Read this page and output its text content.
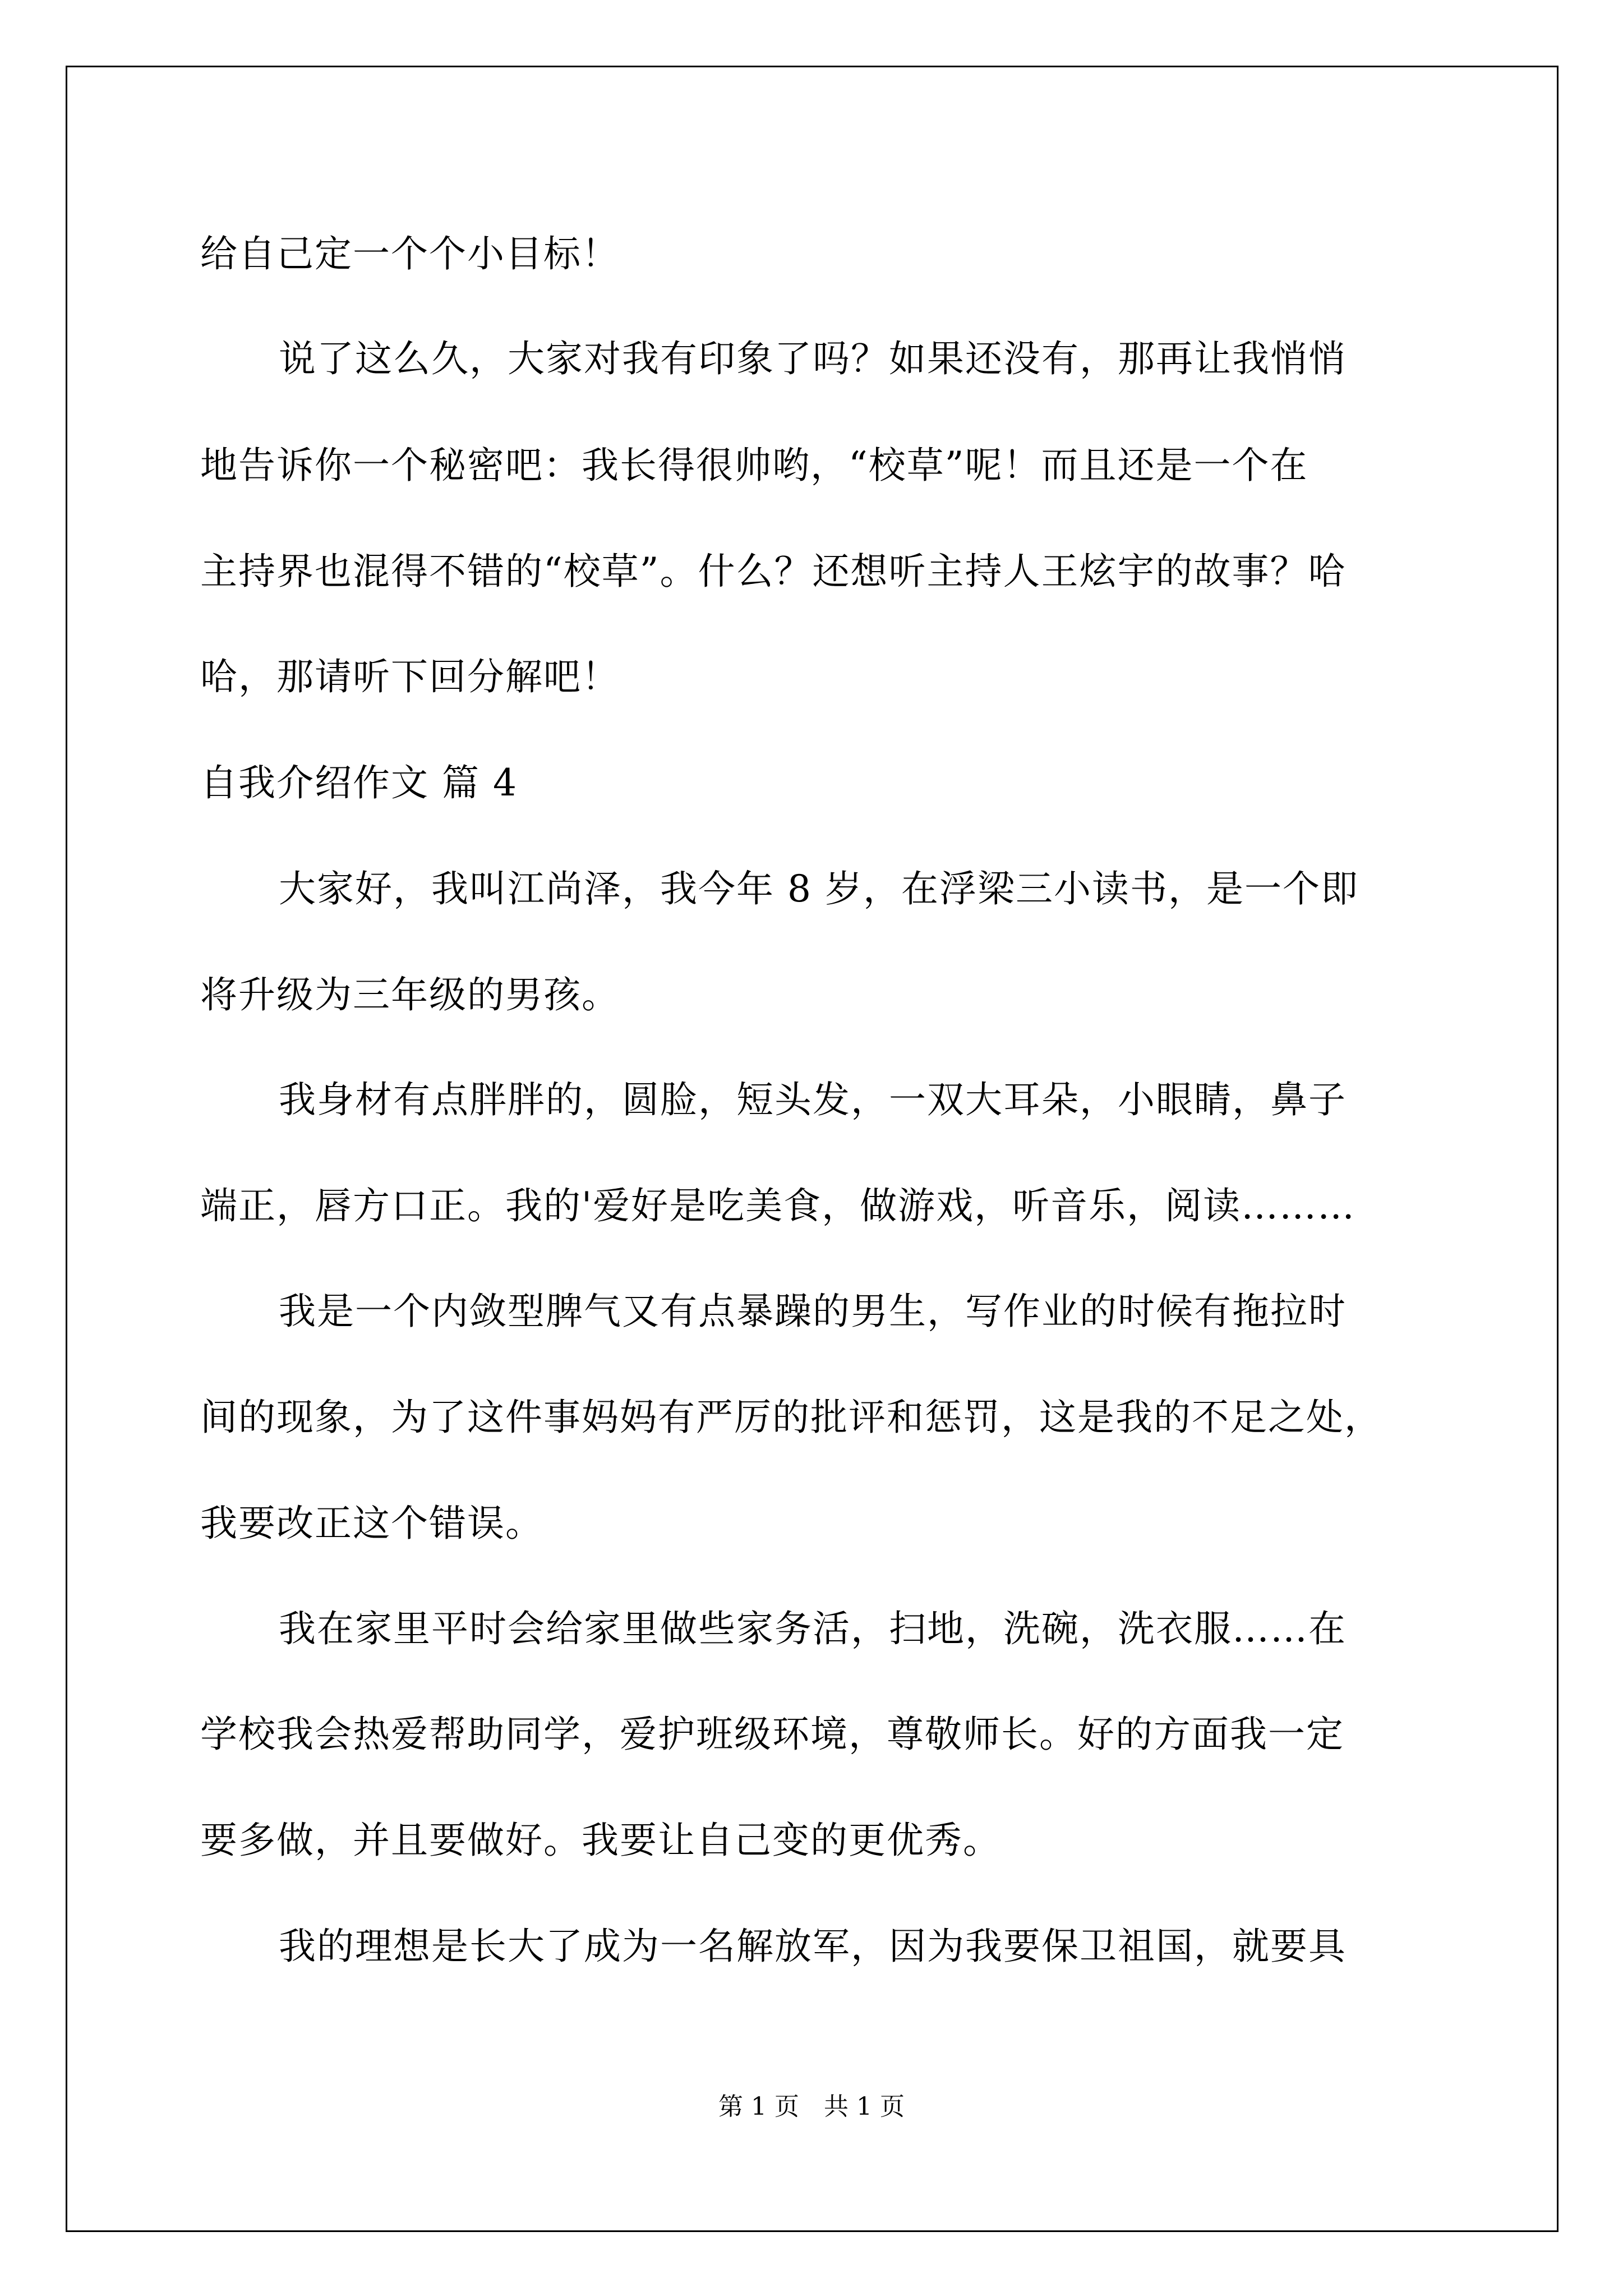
给自己定一个个小目标！
说了这么久，大家对我有印象了吗？如果还没有，那再让我悄悄
地告诉你一个秘密吧：我长得很帅哟，“校草”呢！而且还是一个在
主持界也混得不错的“校草”。什么？还想听主持人王炫宇的故事？哈
哈，那请听下回分解吧！
自我介绍作文 篇 4
大家好，我叫江尚泽，我今年 8 岁，在浮梁三小读书，是一个即
将升级为三年级的男孩。
我身材有点胖胖的，圆脸，短头发，一双大耳朵，小眼睛，鼻子
端正，唇方口正。我的'爱好是吃美食，做游戏，听音乐，阅读………
我是一个内敛型脾气又有点暴躁的男生，写作业的时候有拖拉时
间的现象，为了这件事妈妈有严厉的批评和惩罚，这是我的不足之处，
我要改正这个错误。
我在家里平时会给家里做些家务活，扫地，洗碗，洗衣服……在
学校我会热爱帮助同学，爱护班级环境，尊敬师长。好的方面我一定
要多做，并且要做好。我要让自己变的更优秀。
我的理想是长大了成为一名解放军，因为我要保卫祖国，就要具
第 1 页　共 1 页
